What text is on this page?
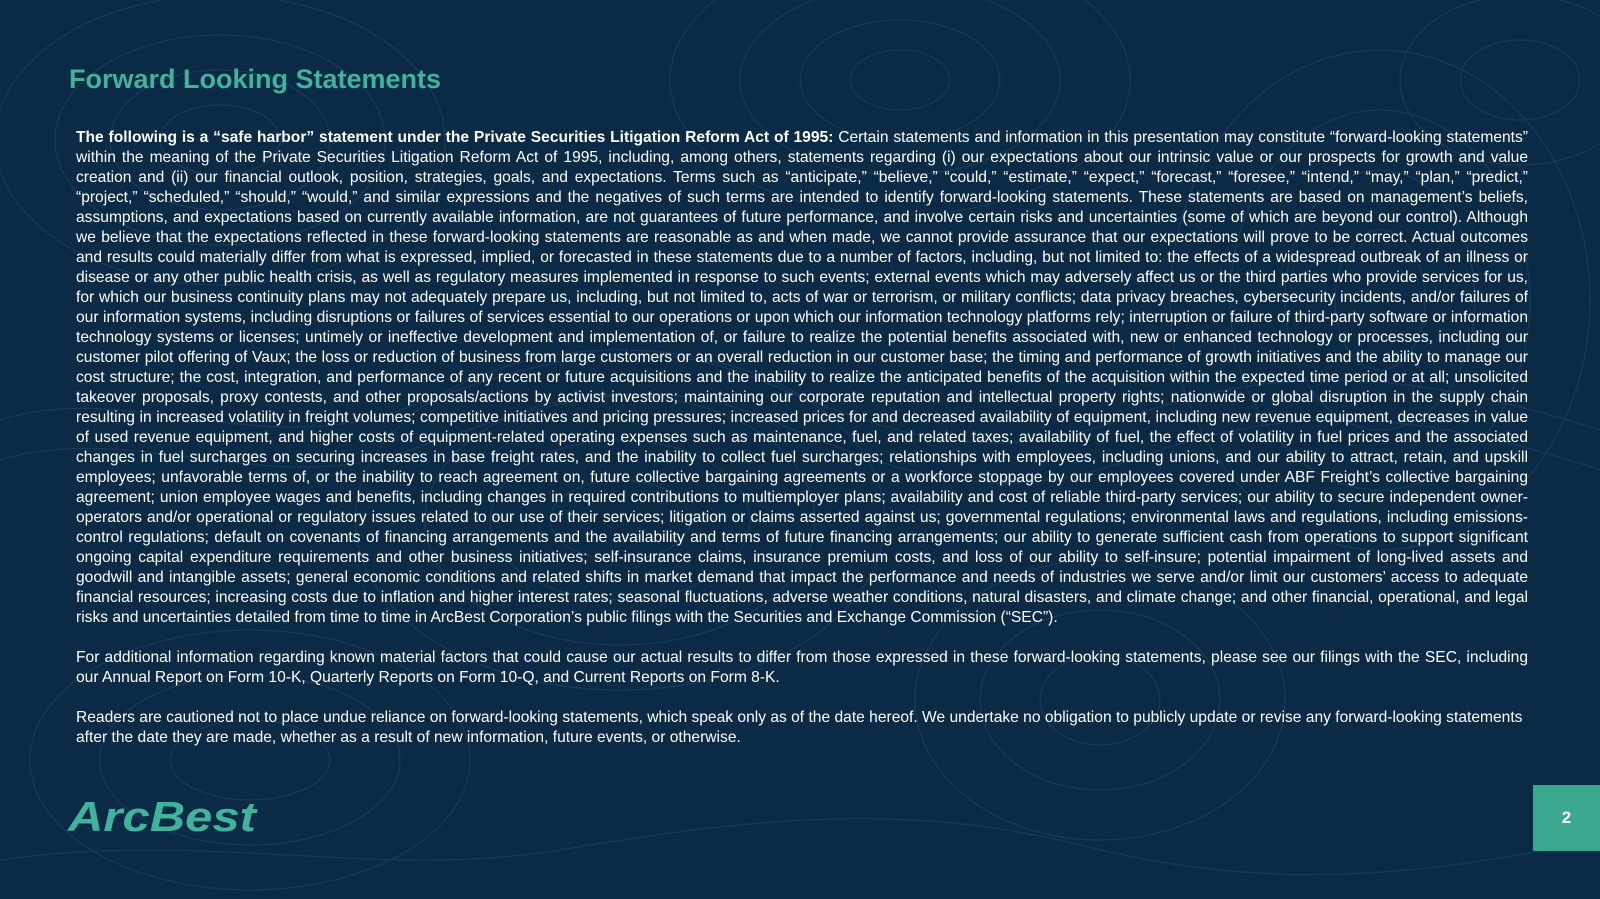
Forward Looking Statements

The following is a “safe harbor” statement under the Private Securities Litigation Reform Act of 1995: Certain statements and information in this presentation may constitute “forward-looking statements” within the meaning of the Private Securities Litigation Reform Act of 1995, including, among others, statements regarding (i) our expectations about our intrinsic value or our prospects for growth and value creation and (ii) our financial outlook, position, strategies, goals, and expectations. Terms such as “anticipate,” “believe,” “could,” “estimate,” “expect,” “forecast,” “foresee,” “intend,” “may,” “plan,” “predict,” “project,” “scheduled,” “should,” “would,” and similar expressions and the negatives of such terms are intended to identify forward-looking statements. These statements are based on management’s beliefs, assumptions, and expectations based on currently available information, are not guarantees of future performance, and involve certain risks and uncertainties (some of which are beyond our control). Although we believe that the expectations reflected in these forward-looking statements are reasonable as and when made, we cannot provide assurance that our expectations will prove to be correct. Actual outcomes and results could materially differ from what is expressed, implied, or forecasted in these statements due to a number of factors, including, but not limited to: the effects of a widespread outbreak of an illness or disease or any other public health crisis, as well as regulatory measures implemented in response to such events; external events which may adversely affect us or the third parties who provide services for us, for which our business continuity plans may not adequately prepare us, including, but not limited to, acts of war or terrorism, or military conflicts; data privacy breaches, cybersecurity incidents, and/or failures of our information systems, including disruptions or failures of services essential to our operations or upon which our information technology platforms rely; interruption or failure of third-party software or information technology systems or licenses; untimely or ineffective development and implementation of, or failure to realize the potential benefits associated with, new or enhanced technology or processes, including our customer pilot offering of Vaux; the loss or reduction of business from large customers or an overall reduction in our customer base; the timing and performance of growth initiatives and the ability to manage our cost structure; the cost, integration, and performance of any recent or future acquisitions and the inability to realize the anticipated benefits of the acquisition within the expected time period or at all; unsolicited takeover proposals, proxy contests, and other proposals/actions by activist investors; maintaining our corporate reputation and intellectual property rights; nationwide or global disruption in the supply chain resulting in increased volatility in freight volumes; competitive initiatives and pricing pressures; increased prices for and decreased availability of equipment, including new revenue equipment, decreases in value of used revenue equipment, and higher costs of equipment-related operating expenses such as maintenance, fuel, and related taxes; availability of fuel, the effect of volatility in fuel prices and the associated changes in fuel surcharges on securing increases in base freight rates, and the inability to collect fuel surcharges; relationships with employees, including unions, and our ability to attract, retain, and upskill employees; unfavorable terms of, or the inability to reach agreement on, future collective bargaining agreements or a workforce stoppage by our employees covered under ABF Freight’s collective bargaining agreement; union employee wages and benefits, including changes in required contributions to multiemployer plans; availability and cost of reliable third-party services; our ability to secure independent owner-operators and/or operational or regulatory issues related to our use of their services; litigation or claims asserted against us; governmental regulations; environmental laws and regulations, including emissions-control regulations; default on covenants of financing arrangements and the availability and terms of future financing arrangements; our ability to generate sufficient cash from operations to support significant ongoing capital expenditure requirements and other business initiatives; self-insurance claims, insurance premium costs, and loss of our ability to self-insure; potential impairment of long-lived assets and goodwill and intangible assets; general economic conditions and related shifts in market demand that impact the performance and needs of industries we serve and/or limit our customers’ access to adequate financial resources; increasing costs due to inflation and higher interest rates; seasonal fluctuations, adverse weather conditions, natural disasters, and climate change; and other financial, operational, and legal risks and uncertainties detailed from time to time in ArcBest Corporation’s public filings with the Securities and Exchange Commission (“SEC”).

For additional information regarding known material factors that could cause our actual results to differ from those expressed in these forward-looking statements, please see our filings with the SEC, including our Annual Report on Form 10-K, Quarterly Reports on Form 10-Q, and Current Reports on Form 8-K.

Readers are cautioned not to place undue reliance on forward-looking statements, which speak only as of the date hereof. We undertake no obligation to publicly update or revise any forward-looking statements after the date they are made, whether as a result of new information, future events, or otherwise.

ArcBest	2
